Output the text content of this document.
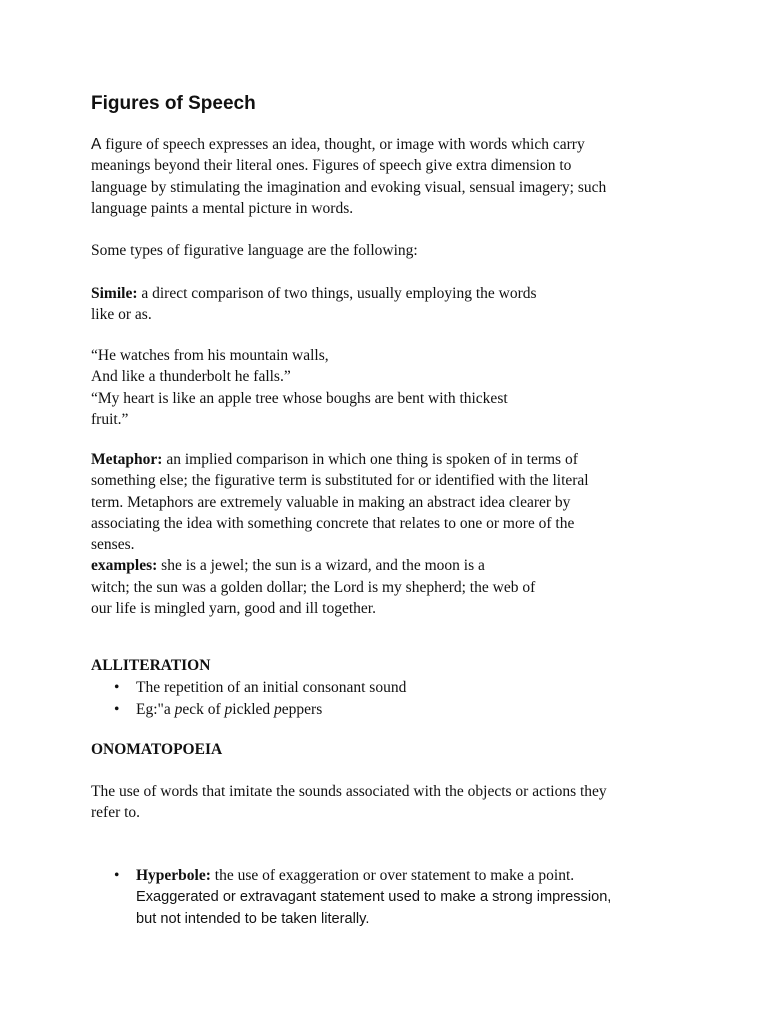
Figures of Speech
A figure of speech expresses an idea, thought, or image with words which carry
meanings beyond their literal ones. Figures of speech give extra dimension to
language by stimulating the imagination and evoking visual, sensual imagery; such
language paints a mental picture in words.
Some types of figurative language are the following:
Simile: a direct comparison of two things, usually employing the words
like or as.
“He watches from his mountain walls,
And like a thunderbolt he falls.”
“My heart is like an apple tree whose boughs are bent with thickest
fruit.”
Metaphor: an implied comparison in which one thing is spoken of in terms of
something else; the figurative term is substituted for or identified with the literal
term. Metaphors are extremely valuable in making an abstract idea clearer by
associating the idea with something concrete that relates to one or more of the
senses.
examples: she is a jewel; the sun is a wizard, and the moon is a
witch; the sun was a golden dollar; the Lord is my shepherd; the web of
our life is mingled yarn, good and ill together.
ALLITERATION
•	The repetition of an initial consonant sound
•	Eg:"a peck of pickled peppers
ONOMATOPOEIA
The use of words that imitate the sounds associated with the objects or actions they
refer to.
•	Hyperbole: the use of exaggeration or over statement to make a point.
Exaggerated or extravagant statement used to make a strong impression,
but not intended to be taken literally.
